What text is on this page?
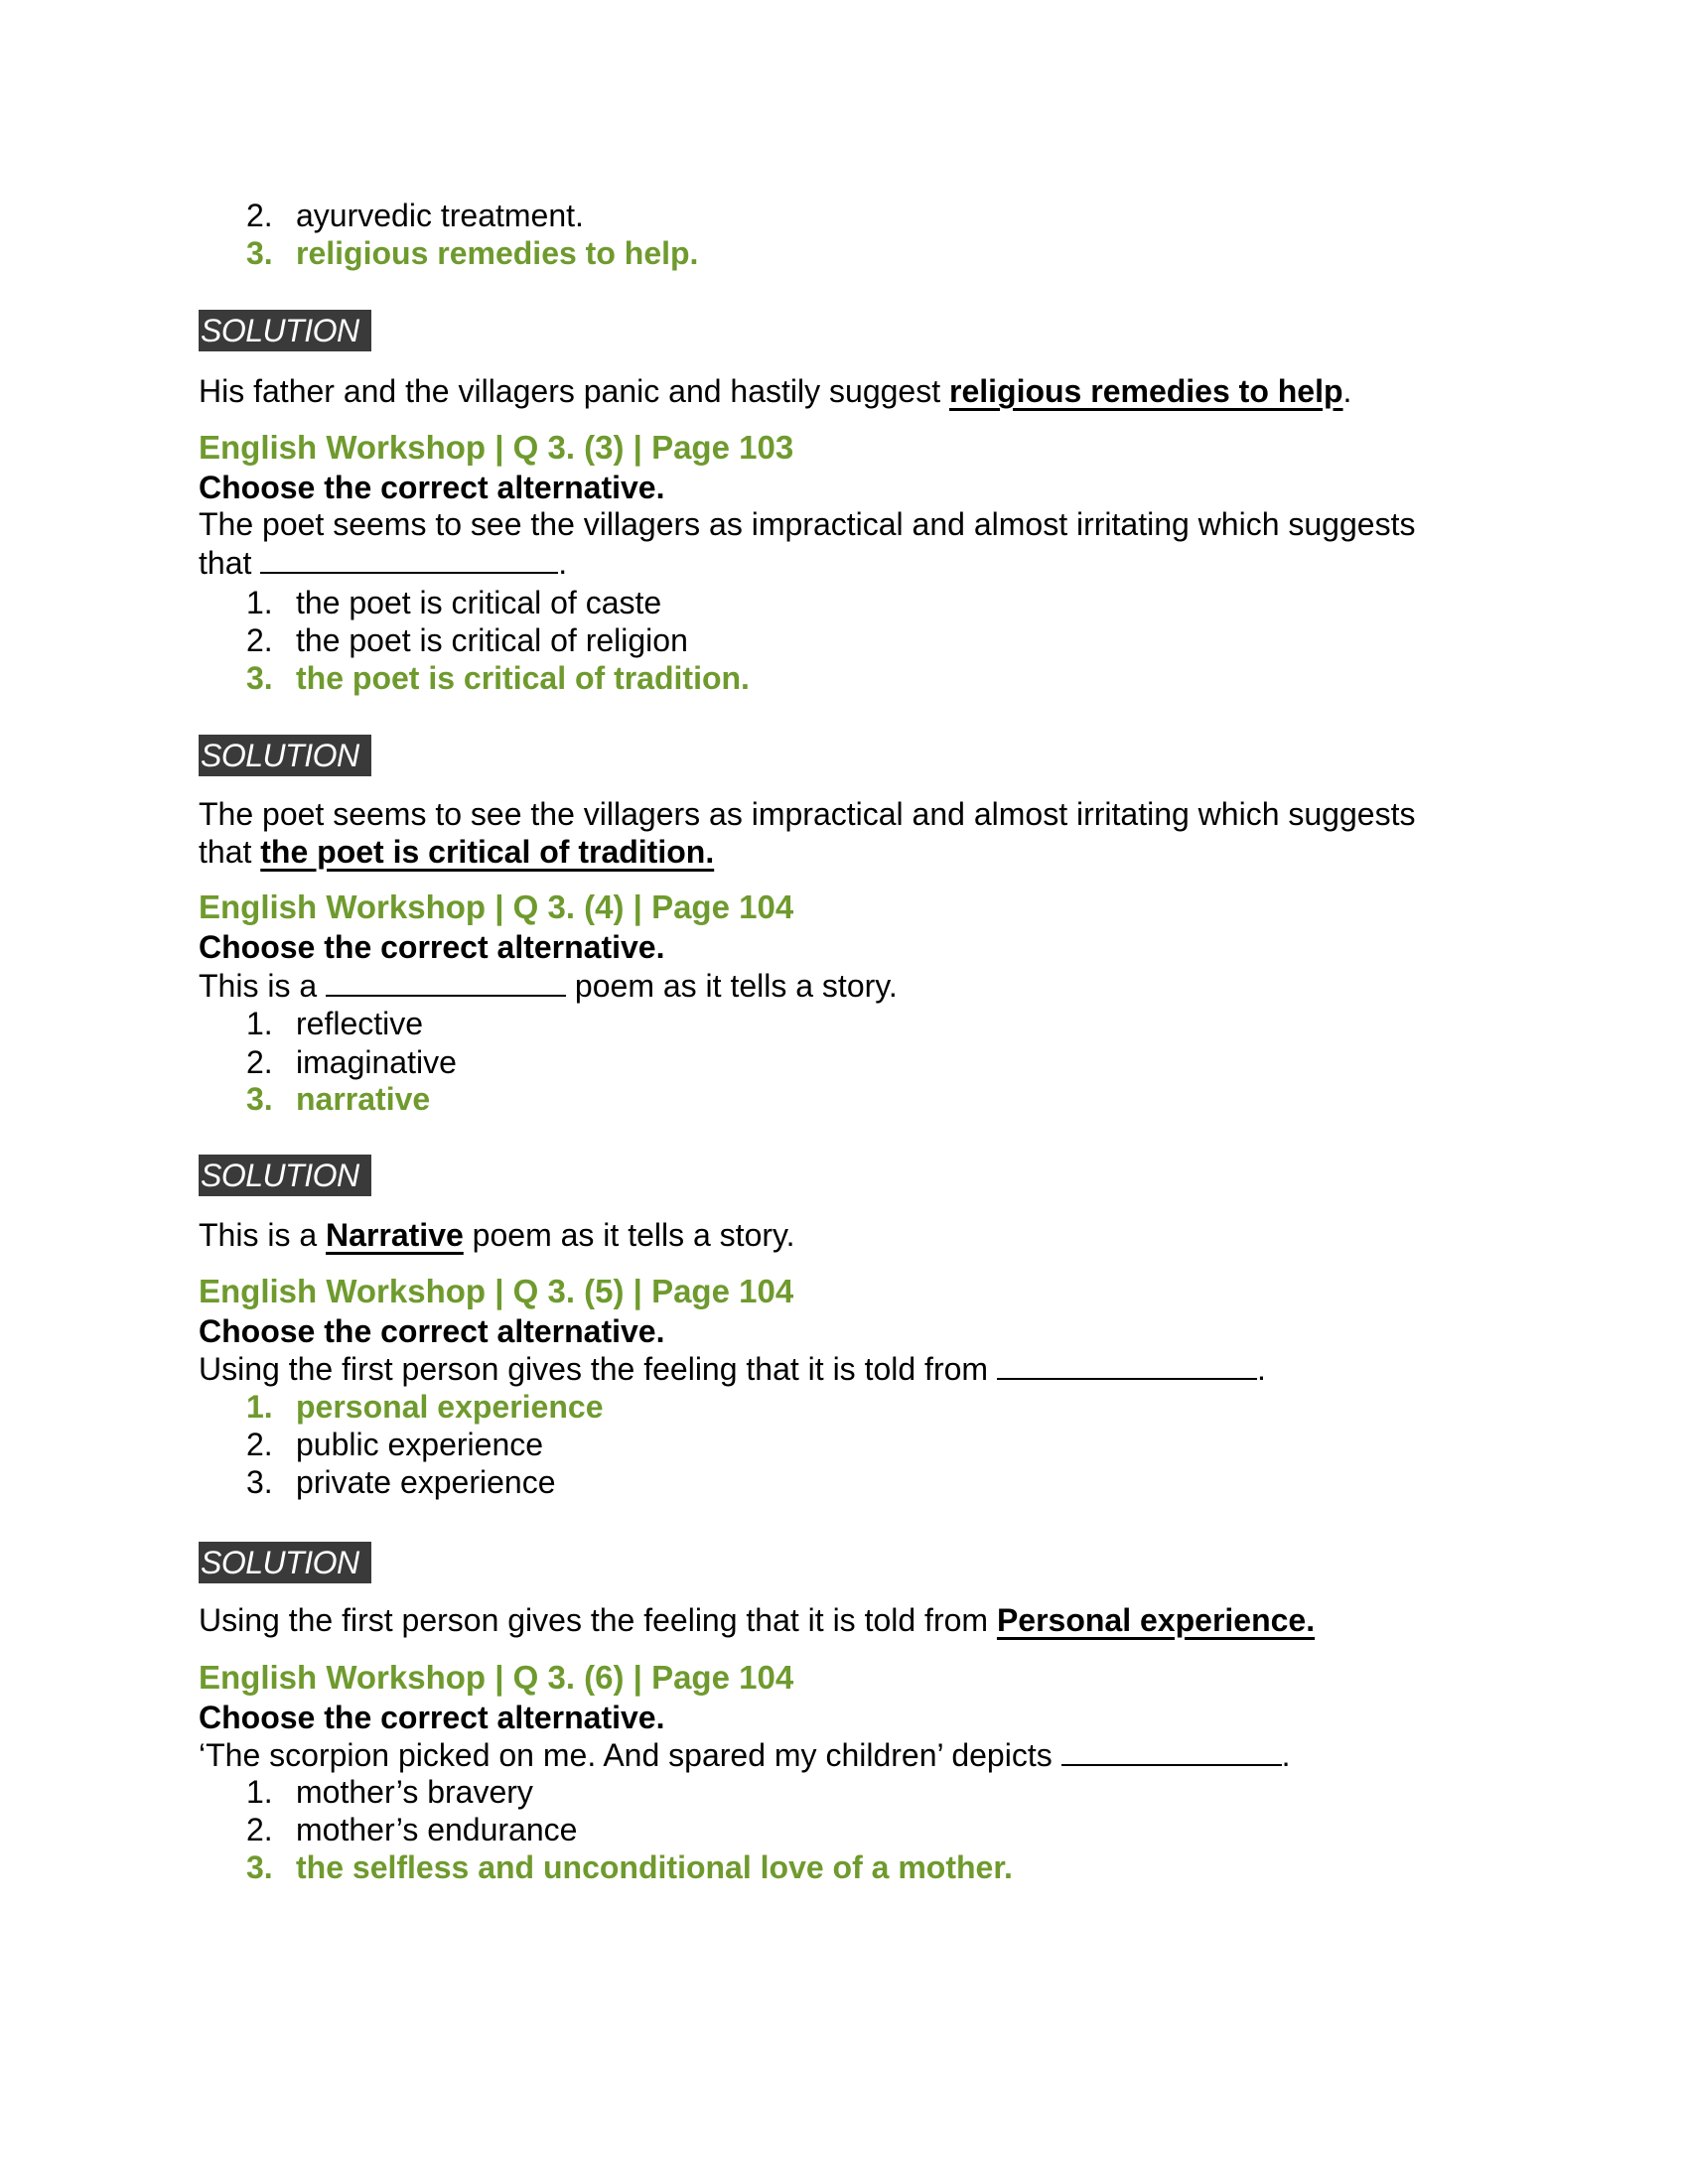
2. ayurvedic treatment.
3. religious remedies to help.
SOLUTION
His father and the villagers panic and hastily suggest religious remedies to help.
English Workshop | Q 3. (3) | Page 103
Choose the correct alternative.
The poet seems to see the villagers as impractical and almost irritating which suggests
that	.
1. the poet is critical of caste
2. the poet is critical of religion
3. the poet is critical of tradition.
SOLUTION
The poet seems to see the villagers as impractical and almost irritating which suggests
that the poet is critical of tradition.
English Workshop | Q 3. (4) | Page 104
Choose the correct alternative.
This is a	poem as it tells a story.
1. reflective
2. imaginative
3. narrative
SOLUTION
This is a Narrative poem as it tells a story.
English Workshop | Q 3. (5) | Page 104
Choose the correct alternative.
Using the first person gives the feeling that it is told from	.
1. personal experience
2. public experience
3. private experience
SOLUTION
Using the first person gives the feeling that it is told from Personal experience.
English Workshop | Q 3. (6) | Page 104
Choose the correct alternative.
‘The scorpion picked on me. And spared my children’ depicts	.
1. mother’s bravery
2. mother’s endurance
3. the selfless and unconditional love of a mother.
